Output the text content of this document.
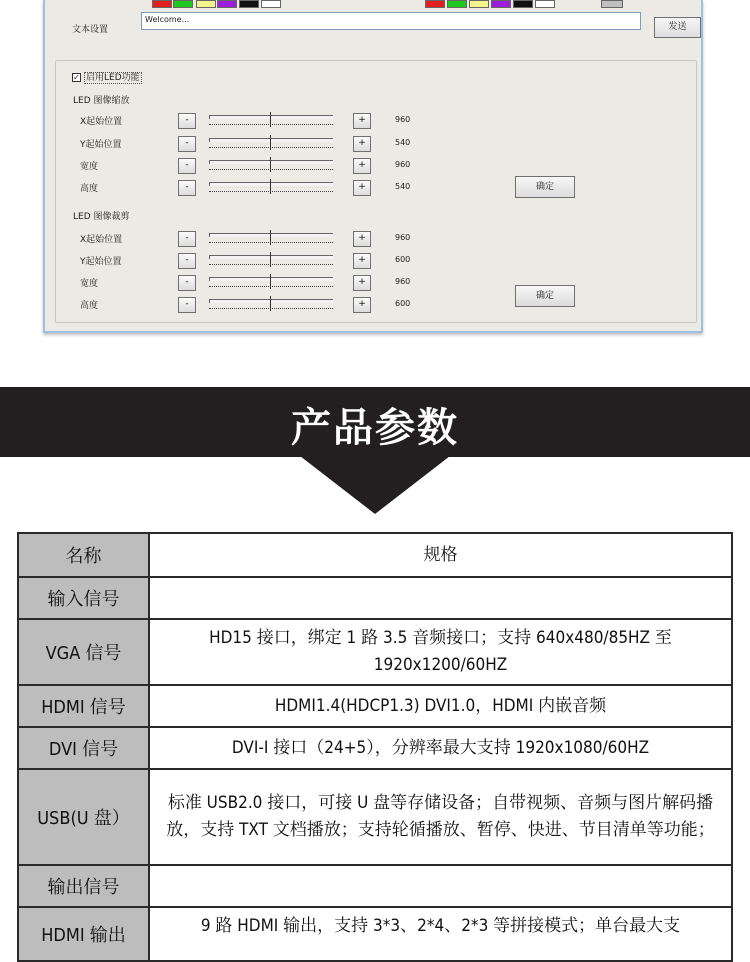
文本设置
Welcome...
发送
✓ 启用LED功能
LED 图像缩放
X起始位置	-	+	960
Y起始位置	-	+	540
宽度	-	+	960
高度	-	+	540	确定
LED 图像裁剪
X起始位置	-	+	960
Y起始位置	-	+	600
宽度	-	+	960
高度	-	+	600
确定
产品参数
名称	规格
输入信号	
VGA 信号	HD15 接口，绑定 1 路 3.5 音频接口；支持 640x480/85HZ 至 1920x1200/60HZ
HDMI 信号	HDMI1.4(HDCP1.3) DVI1.0，HDMI 内嵌音频
DVI 信号	DVI-I 接口（24+5），分辨率最大支持 1920x1080/60HZ
USB(U 盘）	标准 USB2.0 接口，可接 U 盘等存储设备；自带视频、音频与图片解码播放，支持 TXT 文档播放；支持轮循播放、暂停、快进、节目清单等功能；
输出信号	
HDMI 输出	9 路 HDMI 输出，支持 3*3、2*4、2*3 等拼接模式；单台最大支
